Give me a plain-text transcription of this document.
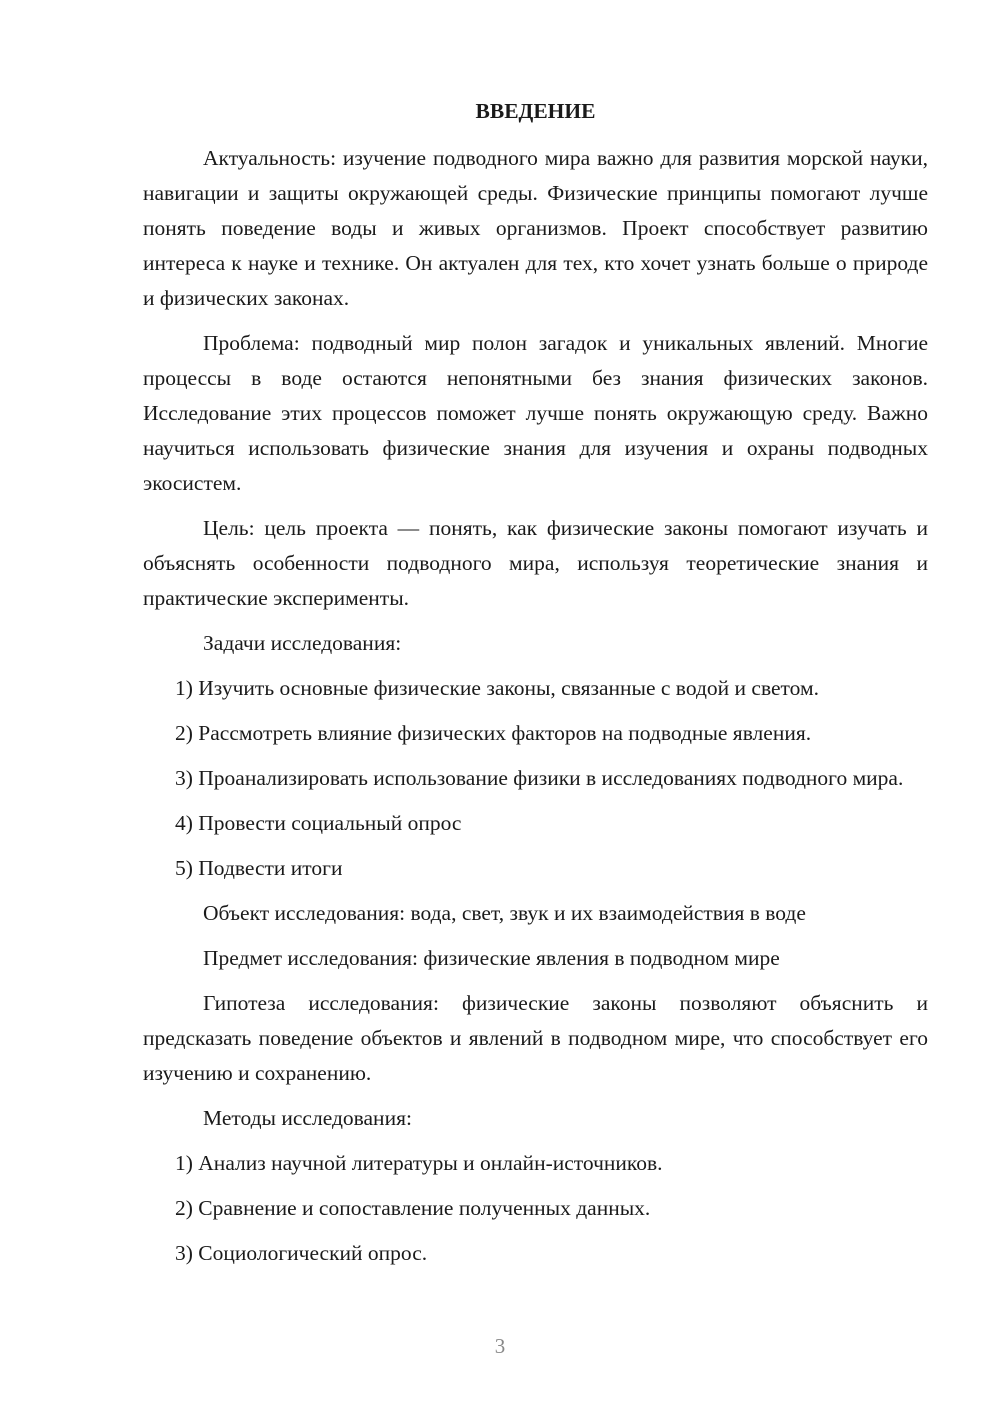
ВВЕДЕНИЕ

Актуальность: изучение подводного мира важно для развития морской науки, навигации и защиты окружающей среды. Физические принципы помогают лучше понять поведение воды и живых организмов. Проект способствует развитию интереса к науке и технике. Он актуален для тех, кто хочет узнать больше о природе и физических законах.

Проблема: подводный мир полон загадок и уникальных явлений. Многие процессы в воде остаются непонятными без знания физических законов. Исследование этих процессов поможет лучше понять окружающую среду. Важно научиться использовать физические знания для изучения и охраны подводных экосистем.

Цель: цель проекта — понять, как физические законы помогают изучать и объяснять особенности подводного мира, используя теоретические знания и практические эксперименты.

Задачи исследования:

1) Изучить основные физические законы, связанные с водой и светом.

2) Рассмотреть влияние физических факторов на подводные явления.

3) Проанализировать использование физики в исследованиях подводного мира.

4) Провести социальный опрос

5) Подвести итоги

Объект исследования: вода, свет, звук и их взаимодействия в воде

Предмет исследования: физические явления в подводном мире

Гипотеза исследования: физические законы позволяют объяснить и предсказать поведение объектов и явлений в подводном мире, что способствует его изучению и сохранению.

Методы исследования:

1) Анализ научной литературы и онлайн-источников.

2) Сравнение и сопоставление полученных данных.

3) Социологический опрос.

3
